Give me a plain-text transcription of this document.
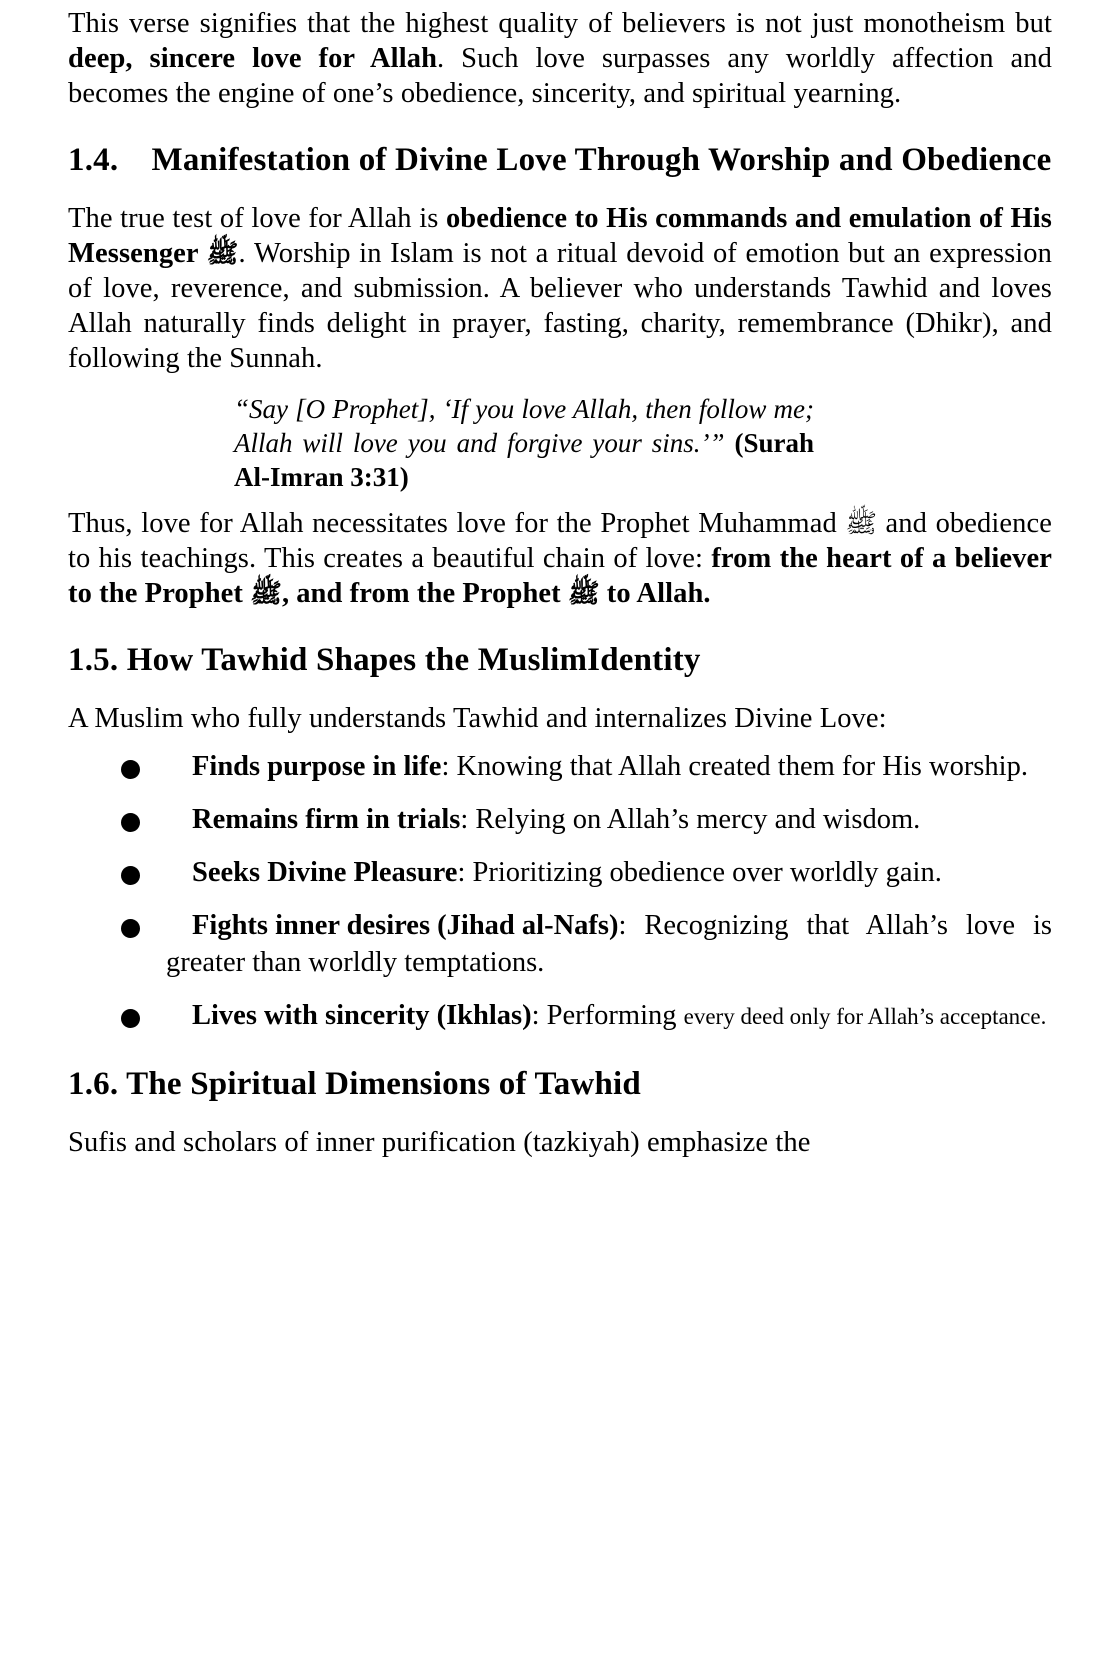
This verse signifies that the highest quality of believers is not just monotheism but deep, sincere love for Allah. Such love surpasses any worldly affection and becomes the engine of one’s obedience, sincerity, and spiritual yearning.

1.4. Manifestation of Divine Love Through Worship and Obedience

The true test of love for Allah is obedience to His commands and emulation of His Messenger ﷺ. Worship in Islam is not a ritual devoid of emotion but an expression of love, reverence, and submission. A believer who understands Tawhid and loves Allah naturally finds delight in prayer, fasting, charity, remembrance (Dhikr), and following the Sunnah.

“Say [O Prophet], ‘If you love Allah, then follow me; Allah will love you and forgive your sins.’” (Surah Al-Imran 3:31)

Thus, love for Allah necessitates love for the Prophet Muhammad ﷺ and obedience to his teachings. This creates a beautiful chain of love: from the heart of a believer to the Prophet ﷺ, and from the Prophet ﷺ to Allah.

1.5. How Tawhid Shapes the MuslimIdentity

A Muslim who fully understands Tawhid and internalizes Divine Love:

Finds purpose in life: Knowing that Allah created them for His worship.
Remains firm in trials: Relying on Allah’s mercy and wisdom.
Seeks Divine Pleasure: Prioritizing obedience over worldly gain.
Fights inner desires (Jihad al-Nafs): Recognizing that Allah’s love is greater than worldly temptations.
Lives with sincerity (Ikhlas): Performing every deed only for Allah’s acceptance.
1.6. The Spiritual Dimensions of Tawhid

Sufis and scholars of inner purification (tazkiyah) emphasize the
